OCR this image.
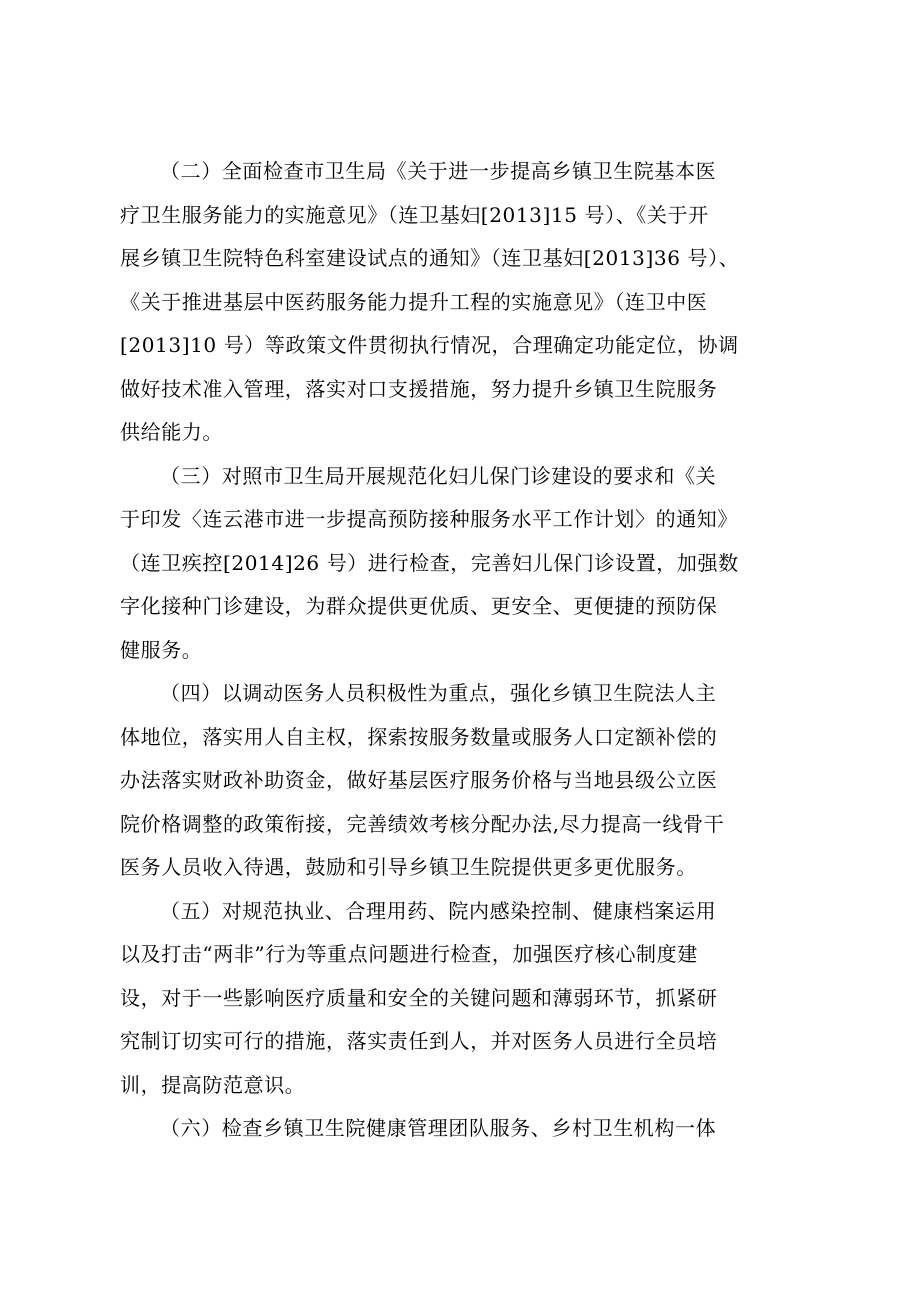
（二）全面检查市卫生局《关于进一步提高乡镇卫生院基本医
疗卫生服务能力的实施意见》（连卫基妇[2013]15 号）、《关于开
展乡镇卫生院特色科室建设试点的通知》（连卫基妇[2013]36 号）、
《关于推进基层中医药服务能力提升工程的实施意见》（连卫中医
[2013]10 号）等政策文件贯彻执行情况，合理确定功能定位，协调
做好技术准入管理，落实对口支援措施，努力提升乡镇卫生院服务
供给能力。
（三）对照市卫生局开展规范化妇儿保门诊建设的要求和《关
于印发〈连云港市进一步提高预防接种服务水平工作计划〉的通知》
（连卫疾控[2014]26 号）进行检查，完善妇儿保门诊设置，加强数
字化接种门诊建设，为群众提供更优质、更安全、更便捷的预防保
健服务。
（四）以调动医务人员积极性为重点，强化乡镇卫生院法人主
体地位，落实用人自主权，探索按服务数量或服务人口定额补偿的
办法落实财政补助资金，做好基层医疗服务价格与当地县级公立医
院价格调整的政策衔接，完善绩效考核分配办法,尽力提高一线骨干
医务人员收入待遇，鼓励和引导乡镇卫生院提供更多更优服务。
（五）对规范执业、合理用药、院内感染控制、健康档案运用
以及打击“两非”行为等重点问题进行检查，加强医疗核心制度建
设，对于一些影响医疗质量和安全的关键问题和薄弱环节，抓紧研
究制订切实可行的措施，落实责任到人，并对医务人员进行全员培
训，提高防范意识。
（六）检查乡镇卫生院健康管理团队服务、乡村卫生机构一体
